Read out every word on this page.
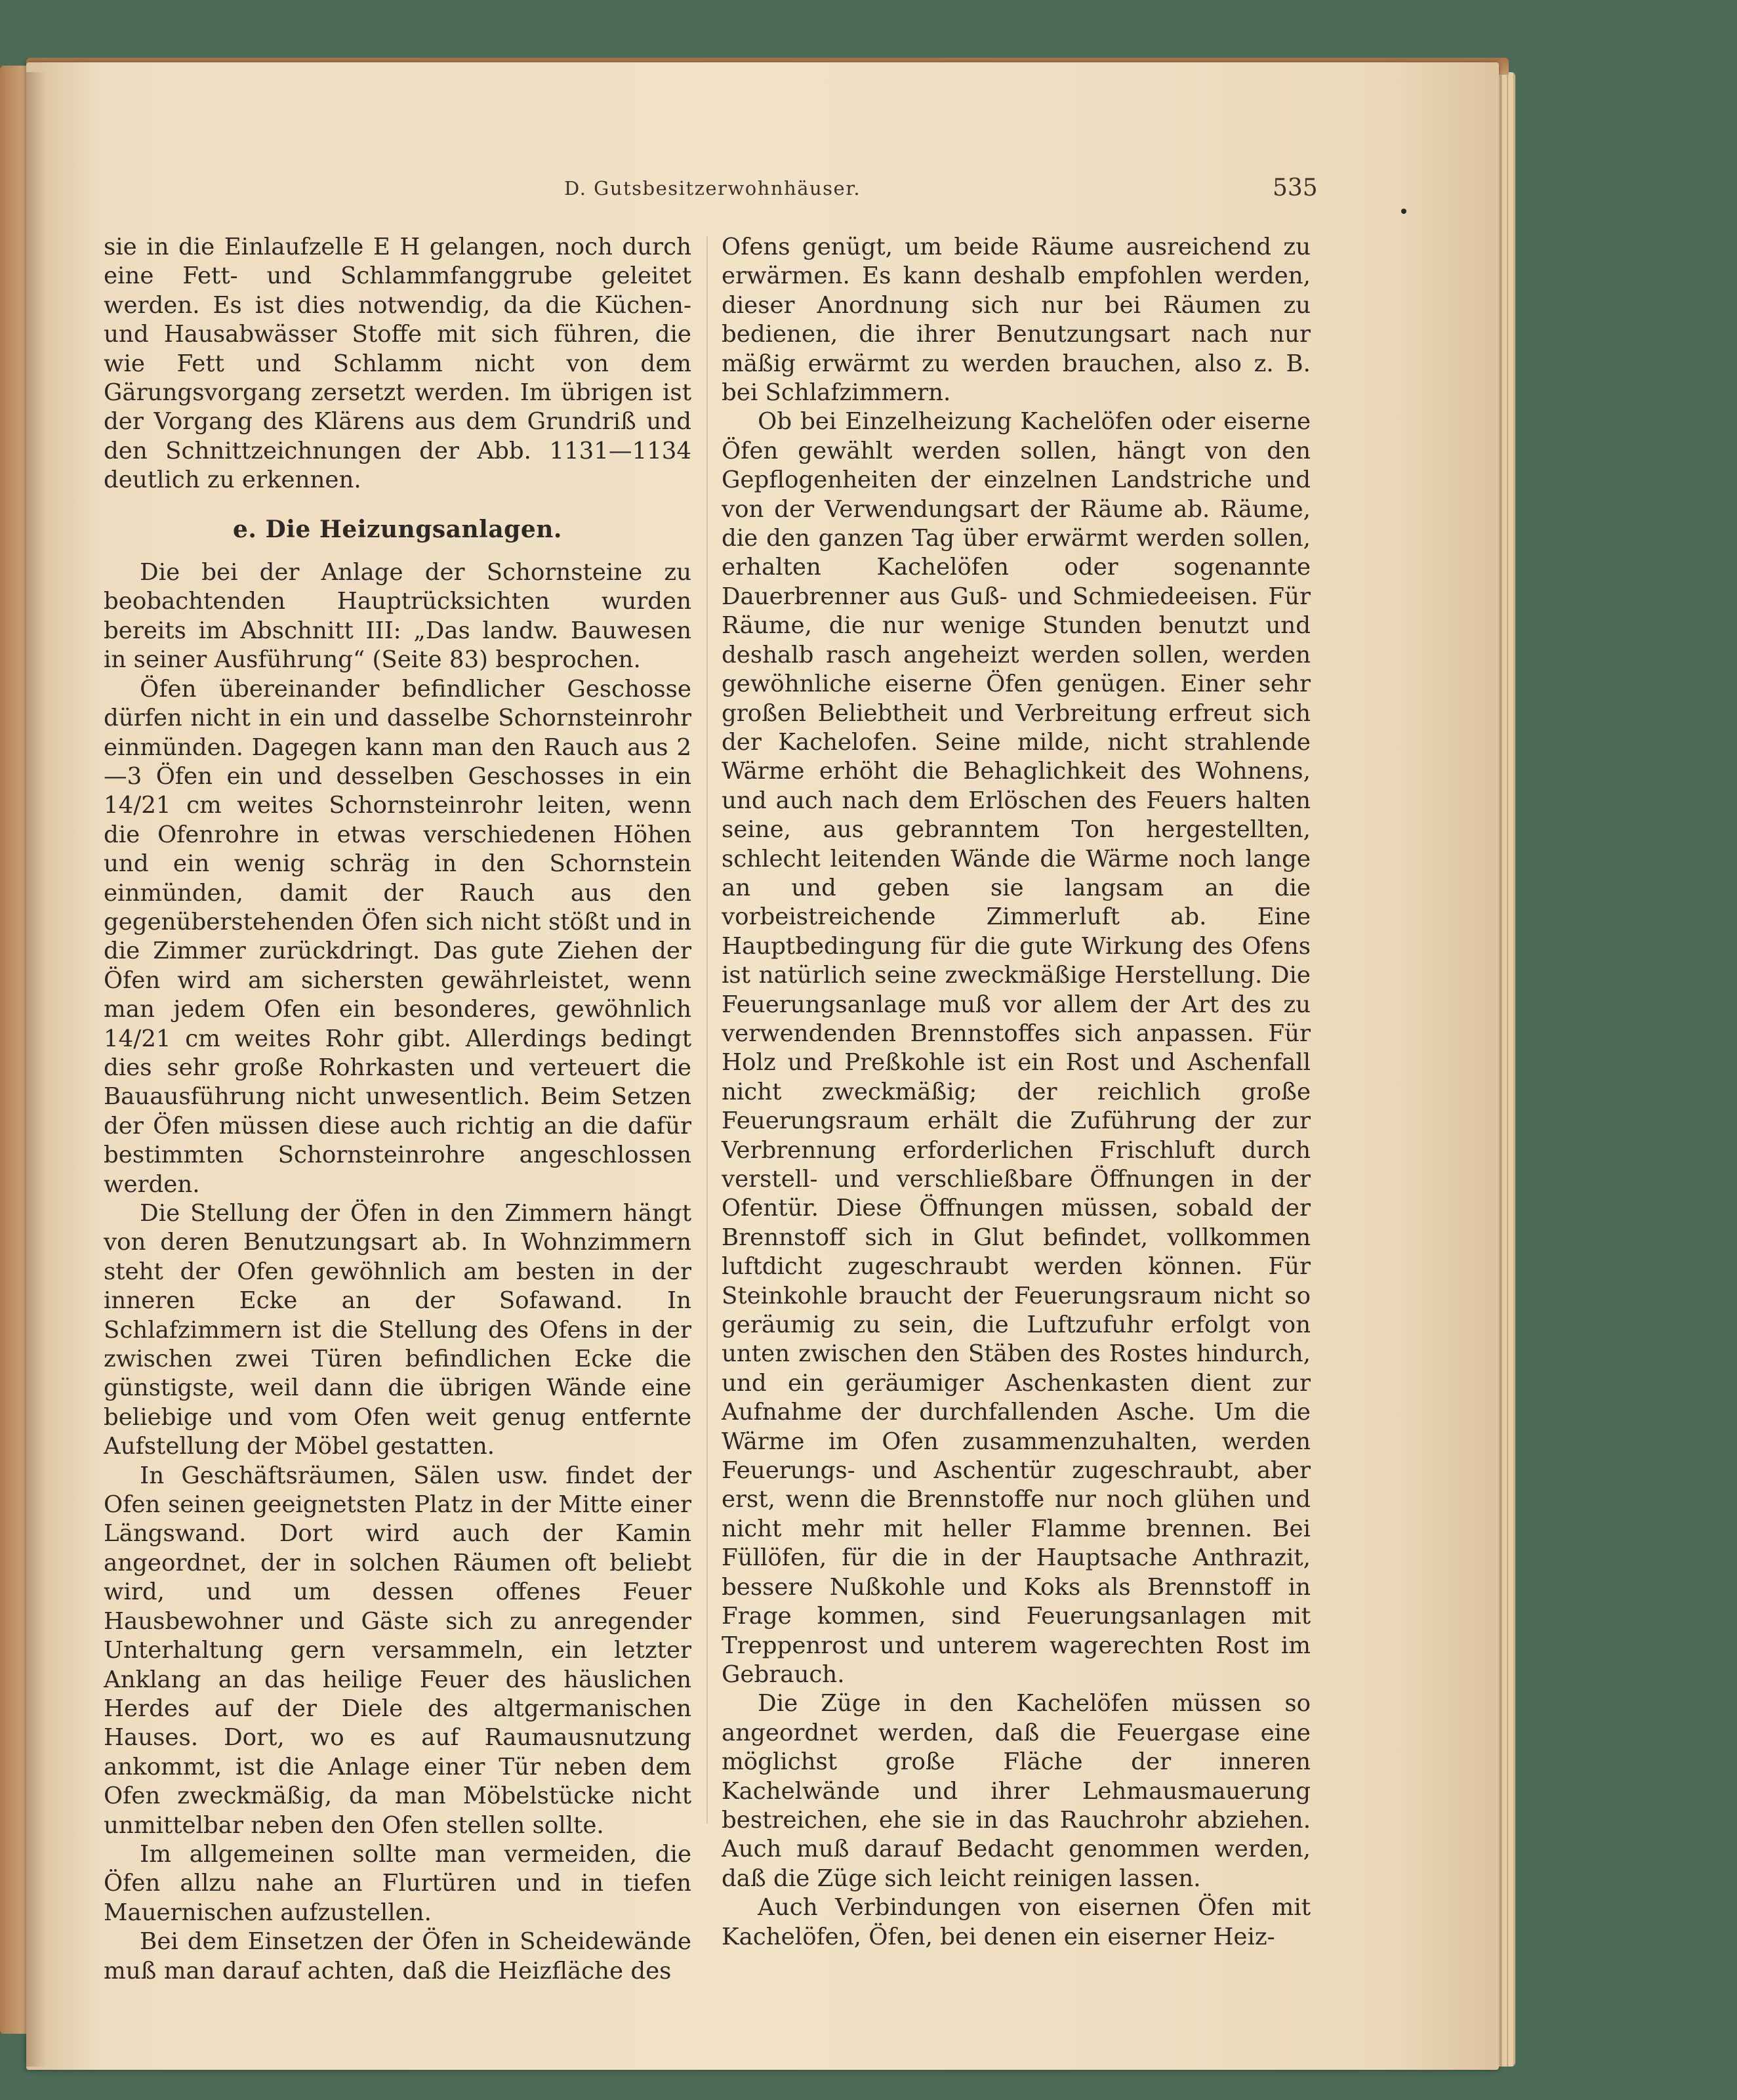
D. Gutsbesitzerwohnhäuser.	535

sie in die Einlaufzelle E H gelangen, noch durch eine Fett- und Schlammfanggrube geleitet werden. Es ist dies notwendig, da die Küchen- und Hausabwässer Stoffe mit sich führen, die wie Fett und Schlamm nicht von dem Gärungsvorgang zersetzt werden. Im übrigen ist der Vorgang des Klärens aus dem Grundriß und den Schnittzeichnungen der Abb. 1131—1134 deutlich zu erkennen.

e. Die Heizungsanlagen.

Die bei der Anlage der Schornsteine zu beobachtenden Hauptrücksichten wurden bereits im Abschnitt III: „Das landw. Bauwesen in seiner Ausführung“ (Seite 83) besprochen.

Öfen übereinander befindlicher Geschosse dürfen nicht in ein und dasselbe Schornsteinrohr einmünden. Dagegen kann man den Rauch aus 2—3 Öfen ein und desselben Geschosses in ein 14/21 cm weites Schornsteinrohr leiten, wenn die Ofenrohre in etwas verschiedenen Höhen und ein wenig schräg in den Schornstein einmünden, damit der Rauch aus den gegenüberstehenden Öfen sich nicht stößt und in die Zimmer zurückdringt. Das gute Ziehen der Öfen wird am sichersten gewährleistet, wenn man jedem Ofen ein besonderes, gewöhnlich 14/21 cm weites Rohr gibt. Allerdings bedingt dies sehr große Rohrkasten und verteuert die Bauausführung nicht unwesentlich. Beim Setzen der Öfen müssen diese auch richtig an die dafür bestimmten Schornsteinrohre angeschlossen werden.

Die Stellung der Öfen in den Zimmern hängt von deren Benutzungsart ab. In Wohnzimmern steht der Ofen gewöhnlich am besten in der inneren Ecke an der Sofawand. In Schlafzimmern ist die Stellung des Ofens in der zwischen zwei Türen befindlichen Ecke die günstigste, weil dann die übrigen Wände eine beliebige und vom Ofen weit genug entfernte Aufstellung der Möbel gestatten.

In Geschäftsräumen, Sälen usw. findet der Ofen seinen geeignetsten Platz in der Mitte einer Längswand. Dort wird auch der Kamin angeordnet, der in solchen Räumen oft beliebt wird, und um dessen offenes Feuer Hausbewohner und Gäste sich zu anregender Unterhaltung gern versammeln, ein letzter Anklang an das heilige Feuer des häuslichen Herdes auf der Diele des altgermanischen Hauses. Dort, wo es auf Raumausnutzung ankommt, ist die Anlage einer Tür neben dem Ofen zweckmäßig, da man Möbelstücke nicht unmittelbar neben den Ofen stellen sollte.

Im allgemeinen sollte man vermeiden, die Öfen allzu nahe an Flurtüren und in tiefen Mauernischen aufzustellen.

Bei dem Einsetzen der Öfen in Scheidewände muß man darauf achten, daß die Heizfläche des

Ofens genügt, um beide Räume ausreichend zu erwärmen. Es kann deshalb empfohlen werden, dieser Anordnung sich nur bei Räumen zu bedienen, die ihrer Benutzungsart nach nur mäßig erwärmt zu werden brauchen, also z. B. bei Schlafzimmern.

Ob bei Einzelheizung Kachelöfen oder eiserne Öfen gewählt werden sollen, hängt von den Gepflogenheiten der einzelnen Landstriche und von der Verwendungsart der Räume ab. Räume, die den ganzen Tag über erwärmt werden sollen, erhalten Kachelöfen oder sogenannte Dauerbrenner aus Guß- und Schmiedeeisen. Für Räume, die nur wenige Stunden benutzt und deshalb rasch angeheizt werden sollen, werden gewöhnliche eiserne Öfen genügen. Einer sehr großen Beliebtheit und Verbreitung erfreut sich der Kachelofen. Seine milde, nicht strahlende Wärme erhöht die Behaglichkeit des Wohnens, und auch nach dem Erlöschen des Feuers halten seine, aus gebranntem Ton hergestellten, schlecht leitenden Wände die Wärme noch lange an und geben sie langsam an die vorbeistreichende Zimmerluft ab. Eine Hauptbedingung für die gute Wirkung des Ofens ist natürlich seine zweckmäßige Herstellung. Die Feuerungsanlage muß vor allem der Art des zu verwendenden Brennstoffes sich anpassen. Für Holz und Preßkohle ist ein Rost und Aschenfall nicht zweckmäßig; der reichlich große Feuerungsraum erhält die Zuführung der zur Verbrennung erforderlichen Frischluft durch verstell- und verschließbare Öffnungen in der Ofentür. Diese Öffnungen müssen, sobald der Brennstoff sich in Glut befindet, vollkommen luftdicht zugeschraubt werden können. Für Steinkohle braucht der Feuerungsraum nicht so geräumig zu sein, die Luftzufuhr erfolgt von unten zwischen den Stäben des Rostes hindurch, und ein geräumiger Aschenkasten dient zur Aufnahme der durchfallenden Asche. Um die Wärme im Ofen zusammenzuhalten, werden Feuerungs- und Aschentür zugeschraubt, aber erst, wenn die Brennstoffe nur noch glühen und nicht mehr mit heller Flamme brennen. Bei Füllöfen, für die in der Hauptsache Anthrazit, bessere Nußkohle und Koks als Brennstoff in Frage kommen, sind Feuerungsanlagen mit Treppenrost und unterem wagerechten Rost im Gebrauch.

Die Züge in den Kachelöfen müssen so angeordnet werden, daß die Feuergase eine möglichst große Fläche der inneren Kachelwände und ihrer Lehmausmauerung bestreichen, ehe sie in das Rauchrohr abziehen. Auch muß darauf Bedacht genommen werden, daß die Züge sich leicht reinigen lassen.

Auch Verbindungen von eisernen Öfen mit Kachelöfen, Öfen, bei denen ein eiserner Heiz-
